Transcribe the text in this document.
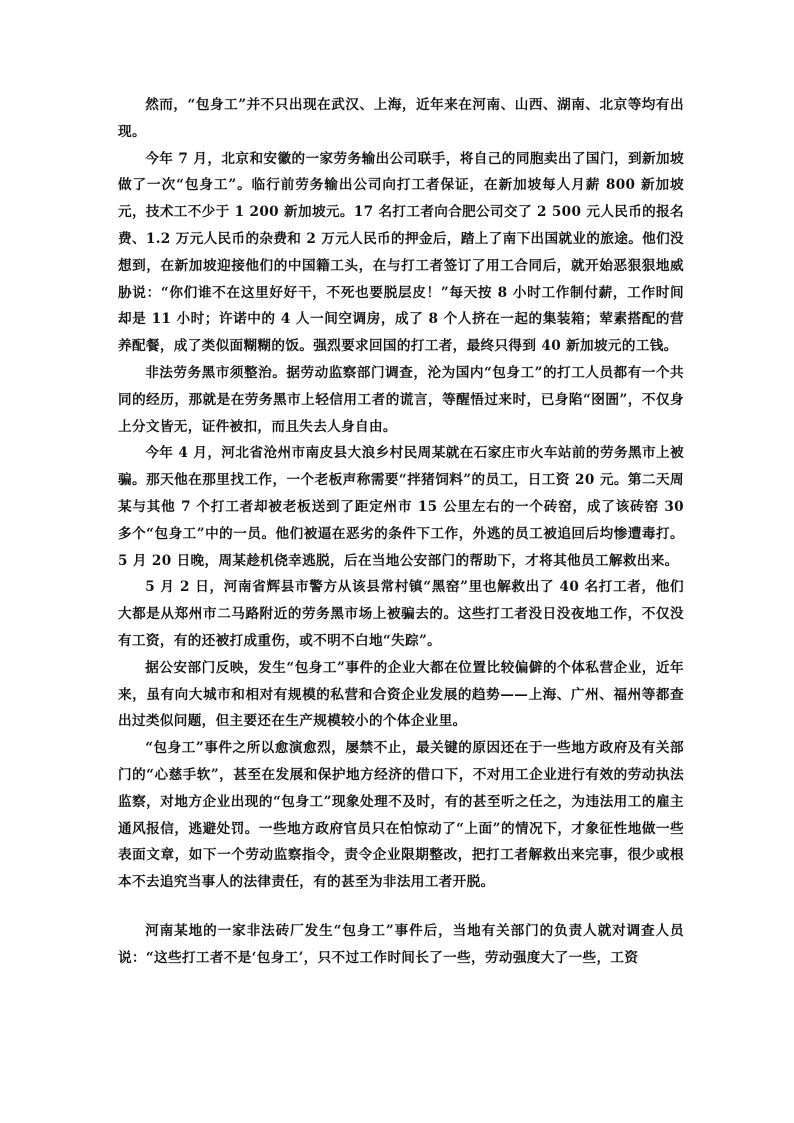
然而，“包身工”并不只出现在武汉、上海，近年来在河南、山西、湖南、北京等均有出现。

今年 7 月，北京和安徽的一家劳务输出公司联手，将自己的同胞卖出了国门，到新加坡做了一次“包身工”。临行前劳务输出公司向打工者保证，在新加坡每人月薪 800 新加坡元，技术工不少于 1 200 新加坡元。17 名打工者向合肥公司交了 2 500 元人民币的报名费、1.2 万元人民币的杂费和 2 万元人民币的押金后，踏上了南下出国就业的旅途。他们没想到，在新加坡迎接他们的中国籍工头，在与打工者签订了用工合同后，就开始恶狠狠地威胁说：“你们谁不在这里好好干，不死也要脱层皮！”每天按 8 小时工作制付薪，工作时间却是 11 小时；许诺中的 4 人一间空调房，成了 8 个人挤在一起的集装箱；荤素搭配的营养配餐，成了类似面糊糊的饭。强烈要求回国的打工者，最终只得到 40 新加坡元的工钱。

非法劳务黑市须整治。据劳动监察部门调查，沦为国内“包身工”的打工人员都有一个共同的经历，那就是在劳务黑市上轻信用工者的谎言，等醒悟过来时，已身陷“囹圄”，不仅身上分文皆无，证件被扣，而且失去人身自由。

今年 4 月，河北省沧州市南皮县大浪乡村民周某就在石家庄市火车站前的劳务黑市上被骗。那天他在那里找工作，一个老板声称需要“拌猪饲料”的员工，日工资 20 元。第二天周某与其他 7 个打工者却被老板送到了距定州市 15 公里左右的一个砖窑，成了该砖窑 30 多个“包身工”中的一员。他们被逼在恶劣的条件下工作，外逃的员工被追回后均惨遭毒打。5 月 20 日晚，周某趁机侥幸逃脱，后在当地公安部门的帮助下，才将其他员工解救出来。

5 月 2 日，河南省辉县市警方从该县常村镇“黑窑”里也解救出了 40 名打工者，他们大都是从郑州市二马路附近的劳务黑市场上被骗去的。这些打工者没日没夜地工作，不仅没有工资，有的还被打成重伤，或不明不白地“失踪”。

据公安部门反映，发生“包身工”事件的企业大都在位置比较偏僻的个体私营企业，近年来，虽有向大城市和相对有规模的私营和合资企业发展的趋势——上海、广州、福州等都查出过类似问题，但主要还在生产规模较小的个体企业里。

“包身工”事件之所以愈演愈烈，屡禁不止，最关键的原因还在于一些地方政府及有关部门的“心慈手软”，甚至在发展和保护地方经济的借口下，不对用工企业进行有效的劳动执法监察，对地方企业出现的“包身工”现象处理不及时，有的甚至听之任之，为违法用工的雇主通风报信，逃避处罚。一些地方政府官员只在怕惊动了“上面”的情况下，才象征性地做一些表面文章，如下一个劳动监察指令，责令企业限期整改，把打工者解救出来完事，很少或根本不去追究当事人的法律责任，有的甚至为非法用工者开脱。

河南某地的一家非法砖厂发生“包身工”事件后，当地有关部门的负责人就对调查人员说：“这些打工者不是‘包身工’，只不过工作时间长了一些，劳动强度大了一些，工资
